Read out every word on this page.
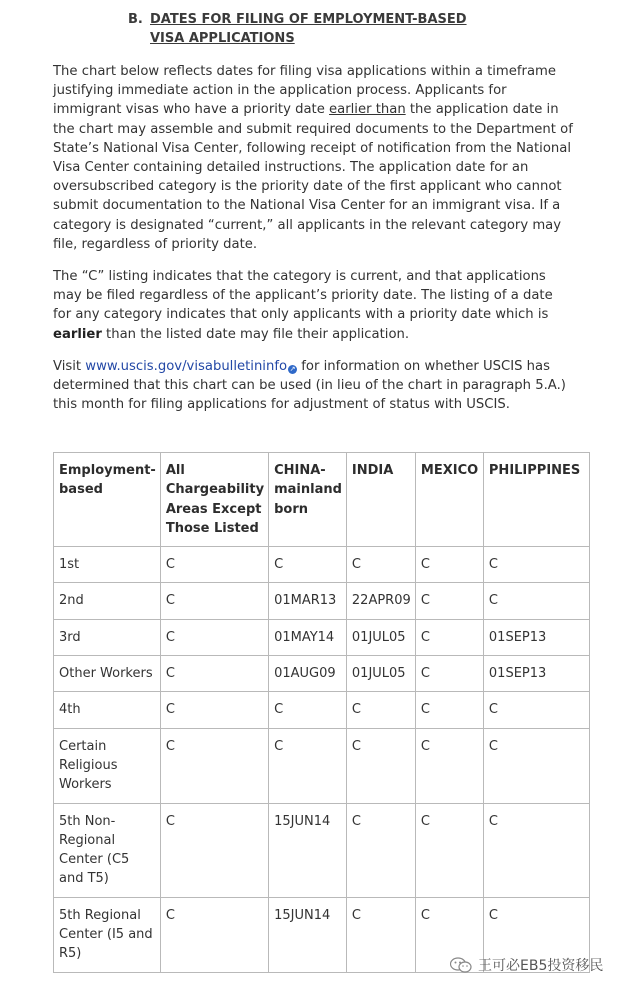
B. DATES FOR FILING OF EMPLOYMENT-BASED
VISA APPLICATIONS

The chart below reflects dates for filing visa applications within a timeframe justifying immediate action in the application process. Applicants for immigrant visas who have a priority date earlier than the application date in the chart may assemble and submit required documents to the Department of State’s National Visa Center, following receipt of notification from the National Visa Center containing detailed instructions. The application date for an oversubscribed category is the priority date of the first applicant who cannot submit documentation to the National Visa Center for an immigrant visa. If a category is designated “current,” all applicants in the relevant category may file, regardless of priority date.

The “C” listing indicates that the category is current, and that applications may be filed regardless of the applicant’s priority date. The listing of a date for any category indicates that only applicants with a priority date which is earlier than the listed date may file their application.

Visit www.uscis.gov/visabulletininfo ↗ for information on whether USCIS has determined that this chart can be used (in lieu of the chart in paragraph 5.A.) this month for filing applications for adjustment of status with USCIS.

Employment-based	All Chargeability Areas Except Those Listed	CHINA-mainland born	INDIA	MEXICO	PHILIPPINES
1st	C	C	C	C	C
2nd	C	01MAR13	22APR09	C	C
3rd	C	01MAY14	01JUL05	C	01SEP13
Other Workers	C	01AUG09	01JUL05	C	01SEP13
4th	C	C	C	C	C
Certain Religious Workers	C	C	C	C	C
5th Non-Regional Center (C5 and T5)	C	15JUN14	C	C	C
5th Regional Center (I5 and R5)	C	15JUN14	C	C	C
王可必EB5投资移民
